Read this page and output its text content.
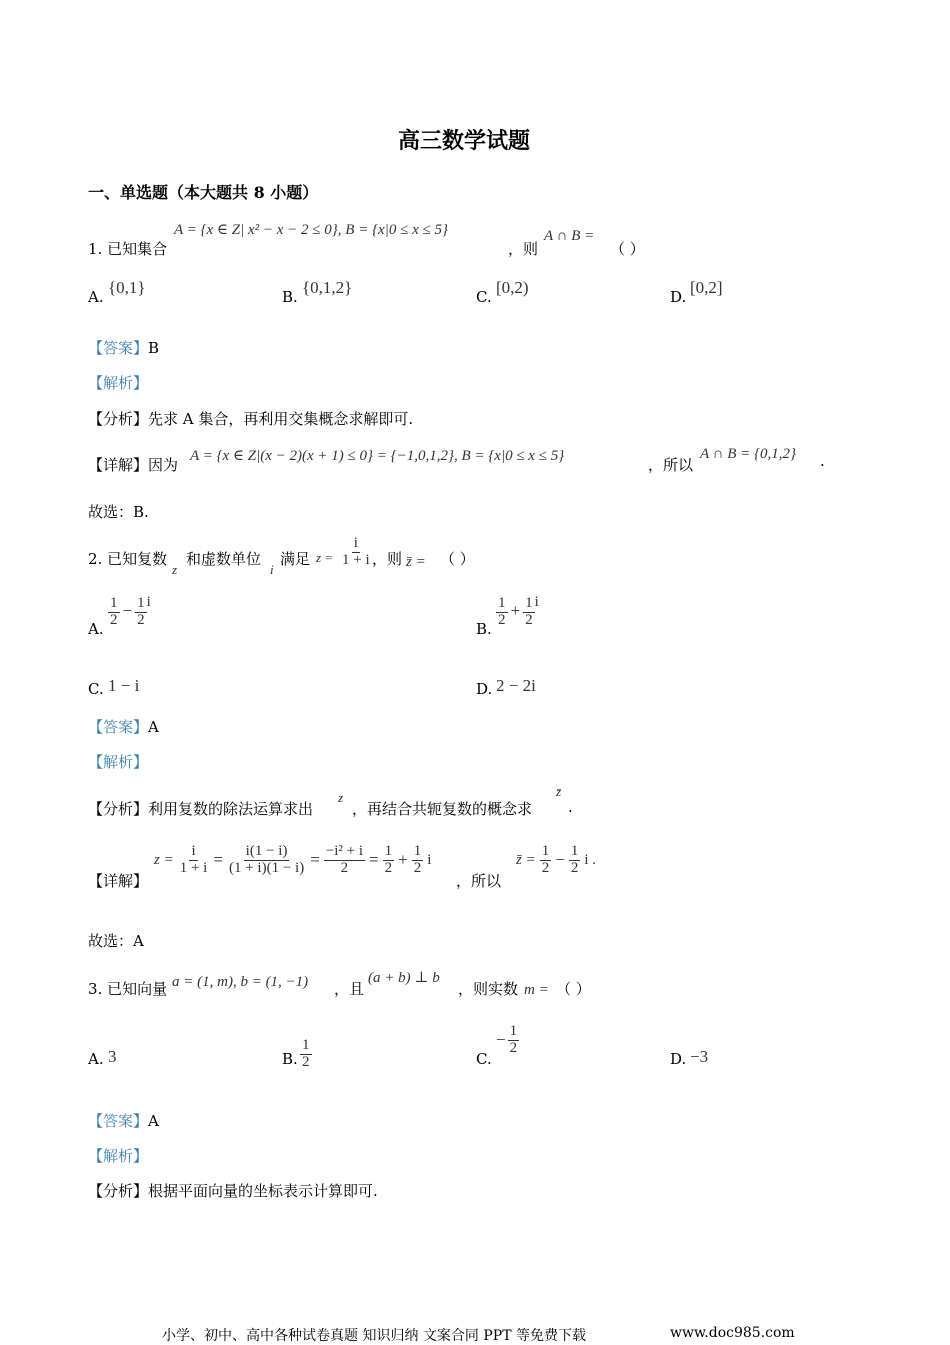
高三数学试题
一、单选题（本大题共 8 小题）
1. 已知集合
A = {x ∈ Z| x² − x − 2 ≤ 0}, B = {x|0 ≤ x ≤ 5}
，则
A ∩ B =
（ ）
A. {0,1}	B. {0,1,2}	C. [0,2)	D. [0,2]
【答案】B
【解析】
【分析】先求 A 集合，再利用交集概念求解即可.
【详解】因为 A = {x ∈ Z|(x − 2)(x + 1) ≤ 0} = {−1,0,1,2}, B = {x|0 ≤ x ≤ 5}	，所以
A ∩ B = {0,1,2} .
故选：B.
2. 已知复数
z
和虚数单位
i
满足 $z = \frac{i}{1 + i}$ ，则 z̄ = （ ）
A.
$\frac{1}{2} - \frac{1}{2}$ i
B.
$\frac{1}{2} + \frac{1}{2}$ i
C. 1 − i	D. 2 − 2i
【答案】A
【解析】
【分析】利用复数的除法运算求出
z
，再结合共轭复数的概念求
z̄
.
【详解】
$z = \frac{i}{1 + i} = \frac{i(1 - i)}{(1 + i)(1 - i)} = \frac{\text{−i² + i}}{2} = \frac{1}{2} + \frac{1}{2}$ i
，所以
z̄ = $\frac{1}{2} - \frac{1}{2}$ i .
故选：A
3. 已知向量 a = (1, m), b = (1, −1) ，且
(a + b) ⊥ b
，则实数 m = （ ）
A. 3	B. $\frac{1}{2}$	C.
− $\frac{1}{2}$
D. −3
【答案】A
【解析】
【分析】根据平面向量的坐标表示计算即可.
小学、初中、高中各种试卷真题 知识归纳 文案合同 PPT 等免费下载	www.doc985.com
